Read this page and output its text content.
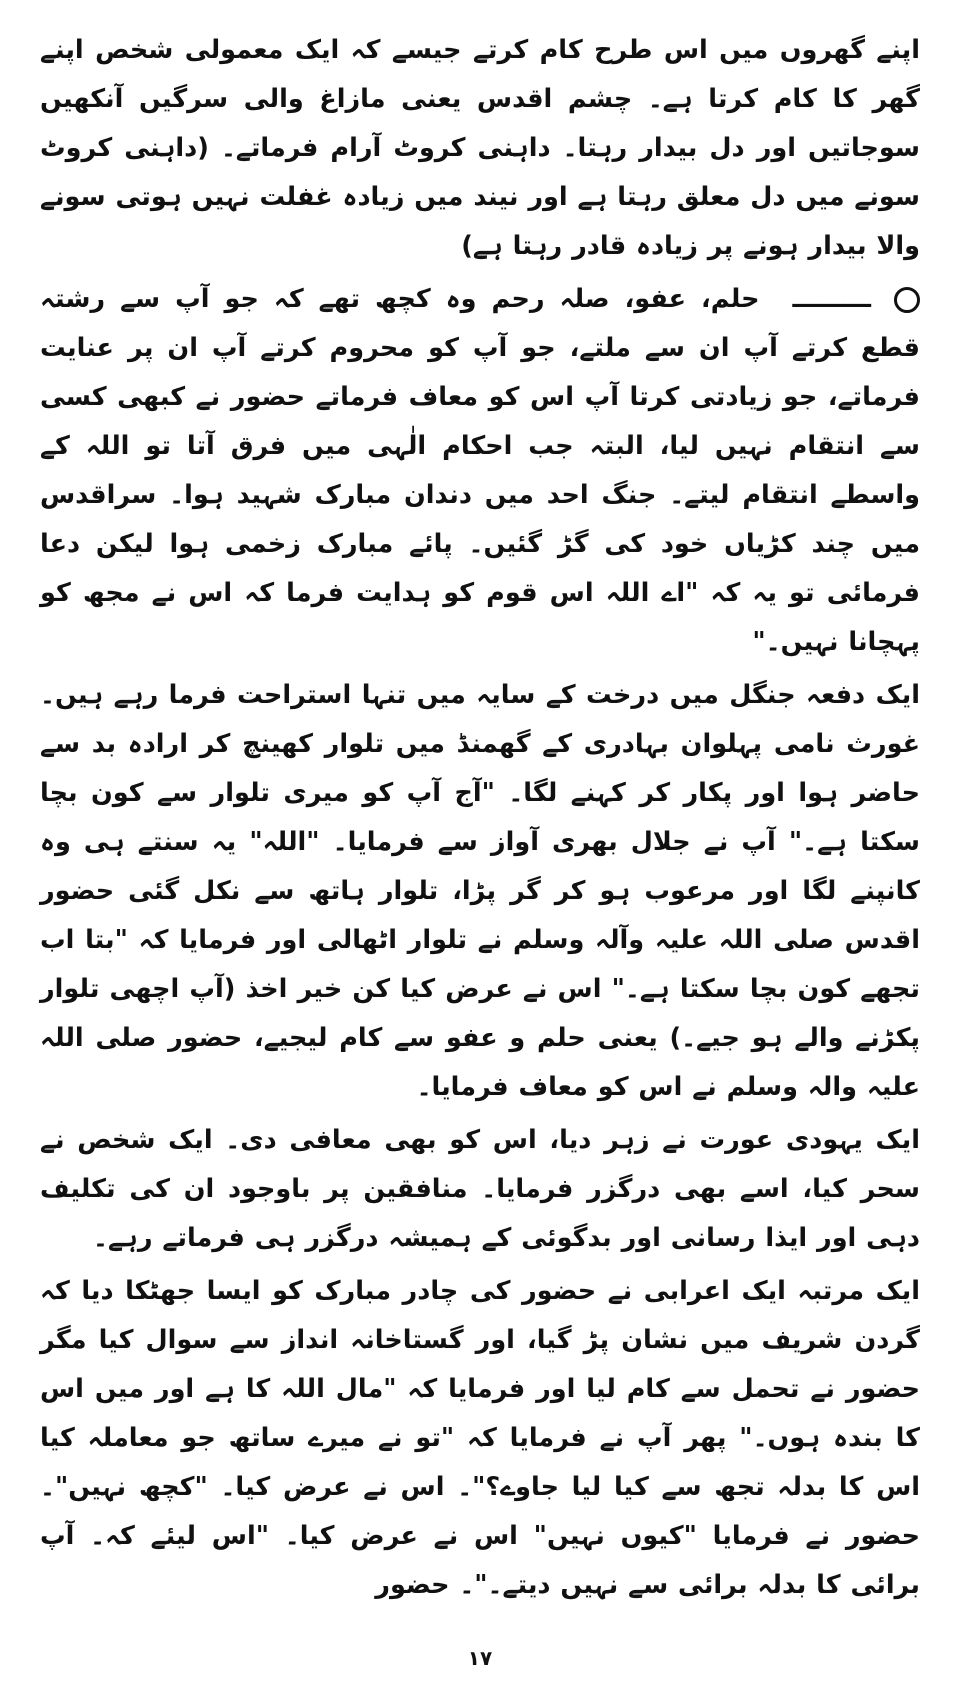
اپنے گھروں میں اس طرح کام کرتے جیسے کہ ایک معمولی شخص اپنے گھر کا کام کرتا ہے۔ چشم اقدس یعنی مازاغ والی سرگیں آنکھیں سوجاتیں اور دل بیدار رہتا۔ داہنی کروٹ آرام فرماتے۔ (داہنی کروٹ سونے میں دل معلق رہتا ہے اور نیند میں زیادہ غفلت نہیں ہوتی سونے والا بیدار ہونے پر زیادہ قادر رہتا ہے)

ـــــــــ حلم، عفو، صلہ رحم وہ کچھ تھے کہ جو آپ سے رشتہ قطع کرتے آپ ان سے ملتے، جو آپ کو محروم کرتے آپ ان پر عنایت فرماتے، جو زیادتی کرتا آپ اس کو معاف فرماتے حضور نے کبھی کسی سے انتقام نہیں لیا، البتہ جب احکام الٰہی میں فرق آتا تو اللہ کے واسطے انتقام لیتے۔ جنگ احد میں دندان مبارک شہید ہوا۔ سراقدس میں چند کڑیاں خود کی گڑ گئیں۔ پائے مبارک زخمی ہوا لیکن دعا فرمائی تو یہ کہ "اے اللہ اس قوم کو ہدایت فرما کہ اس نے مجھ کو پہچانا نہیں۔"

ایک دفعہ جنگل میں درخت کے سایہ میں تنہا استراحت فرما رہے ہیں۔ غورث نامی پہلوان بہادری کے گھمنڈ میں تلوار کھینچ کر ارادہ بد سے حاضر ہوا اور پکار کر کہنے لگا۔ "آج آپ کو میری تلوار سے کون بچا سکتا ہے۔" آپ نے جلال بھری آواز سے فرمایا۔ "اللہ" یہ سنتے ہی وہ کانپنے لگا اور مرعوب ہو کر گر پڑا، تلوار ہاتھ سے نکل گئی حضور اقدس صلی اللہ علیہ وآلہ وسلم نے تلوار اٹھالی اور فرمایا کہ "بتا اب تجھے کون بچا سکتا ہے۔" اس نے عرض کیا کن خیر اخذ (آپ اچھی تلوار پکڑنے والے ہو جیے۔) یعنی حلم و عفو سے کام لیجیے، حضور صلی اللہ علیہ والہ وسلم نے اس کو معاف فرمایا۔

ایک یہودی عورت نے زہر دیا، اس کو بھی معافی دی۔ ایک شخص نے سحر کیا، اسے بھی درگزر فرمایا۔ منافقین پر باوجود ان کی تکلیف دہی اور ایذا رسانی اور بدگوئی کے ہمیشہ درگزر ہی فرماتے رہے۔

ایک مرتبہ ایک اعرابی نے حضور کی چادر مبارک کو ایسا جھٹکا دیا کہ گردن شریف میں نشان پڑ گیا، اور گستاخانہ انداز سے سوال کیا مگر حضور نے تحمل سے کام لیا اور فرمایا کہ "مال اللہ کا ہے اور میں اس کا بندہ ہوں۔" پھر آپ نے فرمایا کہ "تو نے میرے ساتھ جو معاملہ کیا اس کا بدلہ تجھ سے کیا لیا جاوے؟"۔ اس نے عرض کیا۔ "کچھ نہیں"۔ حضور نے فرمایا "کیوں نہیں" اس نے عرض کیا۔ "اس لیئے کہ۔ آپ برائی کا بدلہ برائی سے نہیں دیتے۔"۔ حضور

١٧
